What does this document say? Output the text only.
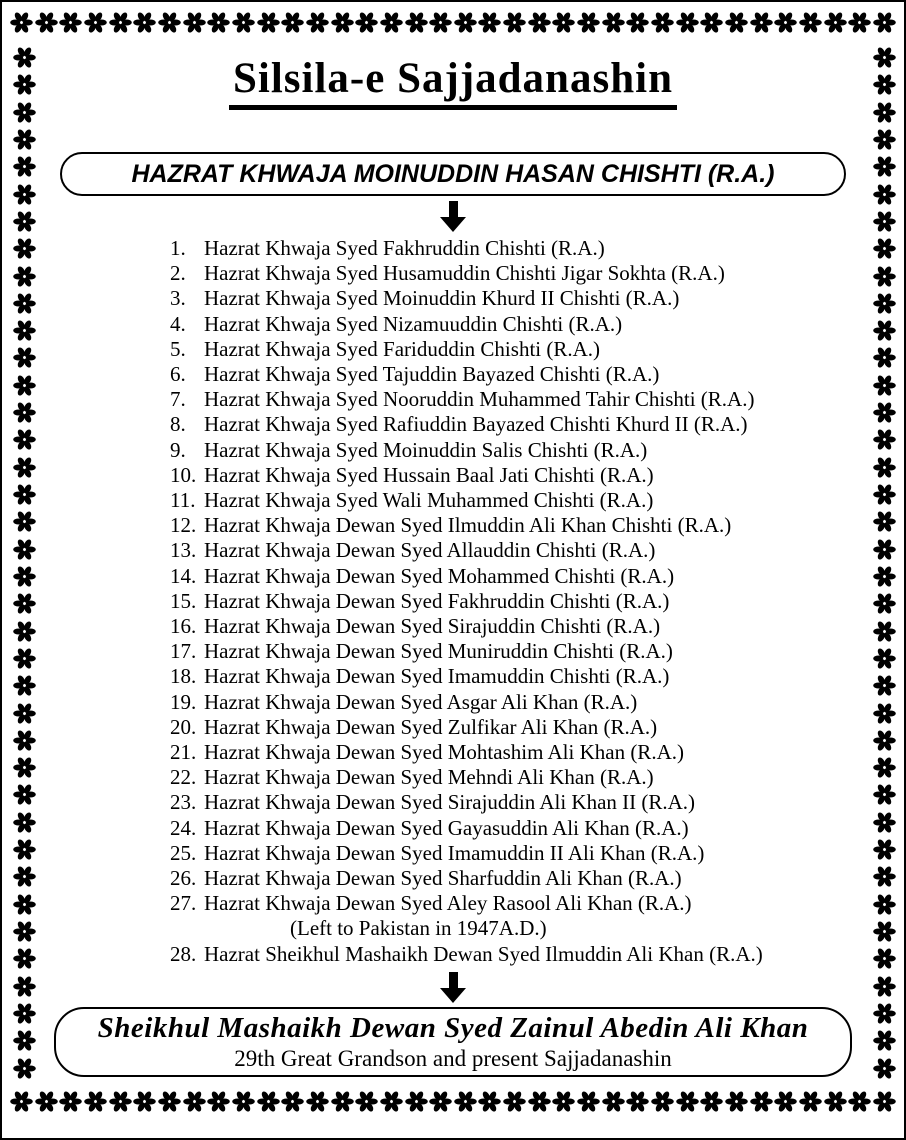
Silsila-e Sajjadanashin
HAZRAT KHWAJA MOINUDDIN HASAN CHISHTI (R.A.)
1. Hazrat Khwaja Syed Fakhruddin Chishti (R.A.)
2. Hazrat Khwaja Syed Husamuddin Chishti Jigar Sokhta (R.A.)
3. Hazrat Khwaja Syed Moinuddin Khurd II Chishti (R.A.)
4. Hazrat Khwaja Syed Nizamuuddin Chishti (R.A.)
5. Hazrat Khwaja Syed Fariduddin Chishti (R.A.)
6. Hazrat Khwaja Syed Tajuddin Bayazed Chishti (R.A.)
7. Hazrat Khwaja Syed Nooruddin Muhammed Tahir Chishti (R.A.)
8. Hazrat Khwaja Syed Rafiuddin Bayazed Chishti Khurd II (R.A.)
9. Hazrat Khwaja Syed Moinuddin Salis Chishti (R.A.)
10. Hazrat Khwaja Syed Hussain Baal Jati Chishti (R.A.)
11. Hazrat Khwaja Syed Wali Muhammed Chishti (R.A.)
12. Hazrat Khwaja Dewan Syed Ilmuddin Ali Khan Chishti (R.A.)
13. Hazrat Khwaja Dewan Syed Allauddin Chishti (R.A.)
14. Hazrat Khwaja Dewan Syed Mohammed Chishti (R.A.)
15. Hazrat Khwaja Dewan Syed Fakhruddin Chishti (R.A.)
16. Hazrat Khwaja Dewan Syed Sirajuddin Chishti (R.A.)
17. Hazrat Khwaja Dewan Syed Muniruddin Chishti (R.A.)
18. Hazrat Khwaja Dewan Syed Imamuddin Chishti (R.A.)
19. Hazrat Khwaja Dewan Syed Asgar Ali Khan (R.A.)
20. Hazrat Khwaja Dewan Syed Zulfikar Ali Khan (R.A.)
21. Hazrat Khwaja Dewan Syed Mohtashim Ali Khan (R.A.)
22. Hazrat Khwaja Dewan Syed Mehndi Ali Khan (R.A.)
23. Hazrat Khwaja Dewan Syed Sirajuddin Ali Khan II (R.A.)
24. Hazrat Khwaja Dewan Syed Gayasuddin Ali Khan (R.A.)
25. Hazrat Khwaja Dewan Syed Imamuddin II Ali Khan (R.A.)
26. Hazrat Khwaja Dewan Syed Sharfuddin Ali Khan (R.A.)
27. Hazrat Khwaja Dewan Syed Aley Rasool Ali Khan (R.A.)
(Left to Pakistan in 1947A.D.)
28. Hazrat Sheikhul Mashaikh Dewan Syed Ilmuddin Ali Khan (R.A.)
Sheikhul Mashaikh Dewan Syed Zainul Abedin Ali Khan
29th Great Grandson and present Sajjadanashin
